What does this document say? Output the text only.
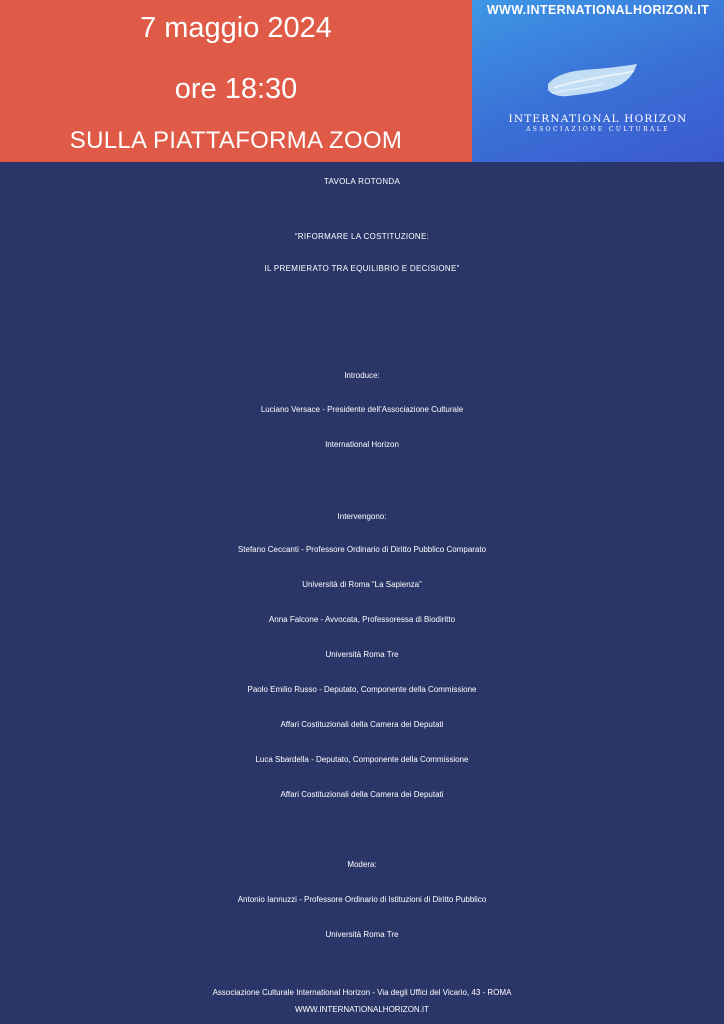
7 maggio 2024
ore 18:30
SULLA PIATTAFORMA ZOOM
WWW.INTERNATIONALHORIZON.IT
INTERNATIONAL HORIZON
ASSOCIAZIONE CULTURALE
TAVOLA ROTONDA
“RIFORMARE LA COSTITUZIONE:
IL PREMIERATO TRA EQUILIBRIO E DECISIONE”
Introduce:
Luciano Versace - Presidente dell’Associazione Culturale
International Horizon
Intervengono:
Stefano Ceccanti - Professore Ordinario di Diritto Pubblico Comparato
Università di Roma “La Sapienza”
Anna Falcone - Avvocata, Professoressa di Biodiritto
Università Roma Tre
Paolo Emilio Russo - Deputato, Componente della Commissione
Affari Costituzionali della Camera dei Deputati
Luca Sbardella - Deputato, Componente della Commissione
Affari Costituzionali della Camera dei Deputati
Modera:
Antonio Iannuzzi - Professore Ordinario di Istituzioni di Diritto Pubblico
Università Roma Tre
Associazione Culturale International Horizon - Via degli Uffici del Vicario, 43 - ROMA
WWW.INTERNATIONALHORIZON.IT
